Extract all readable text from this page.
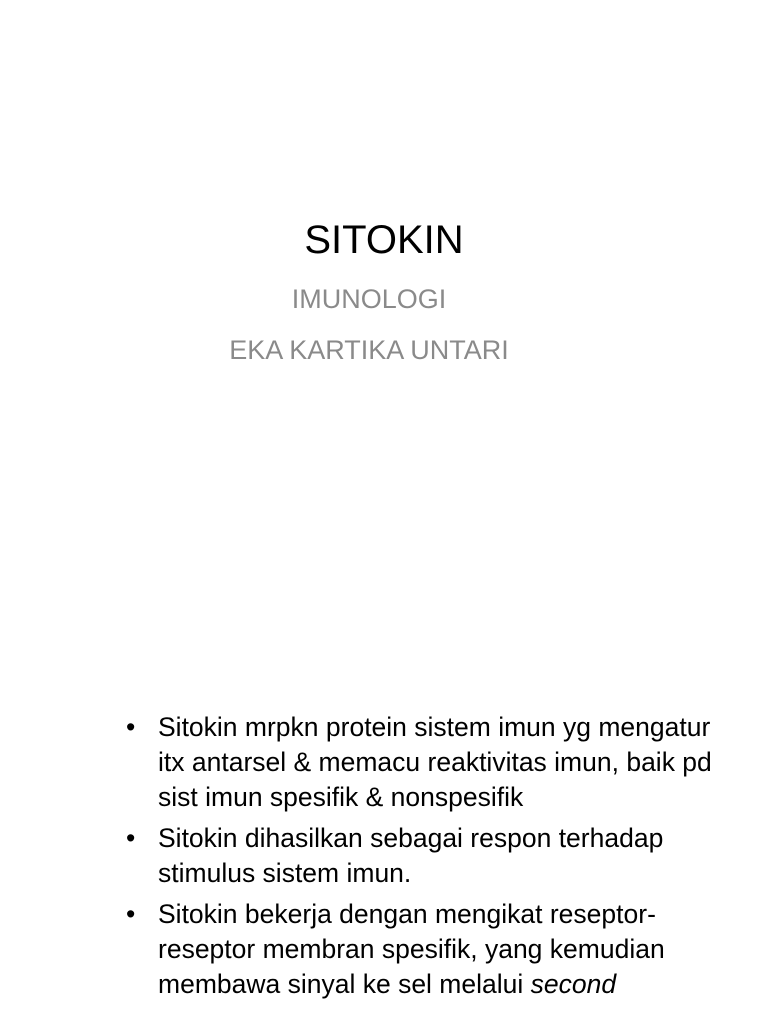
SITOKIN
IMUNOLOGI
EKA KARTIKA UNTARI
• Sitokin mrpkn protein sistem imun yg mengatur itx antarsel & memacu reaktivitas imun, baik pd sist imun spesifik & nonspesifik
• Sitokin dihasilkan sebagai respon terhadap stimulus sistem imun.
• Sitokin bekerja dengan mengikat reseptor-reseptor membran spesifik, yang kemudian membawa sinyal ke sel melalui second
